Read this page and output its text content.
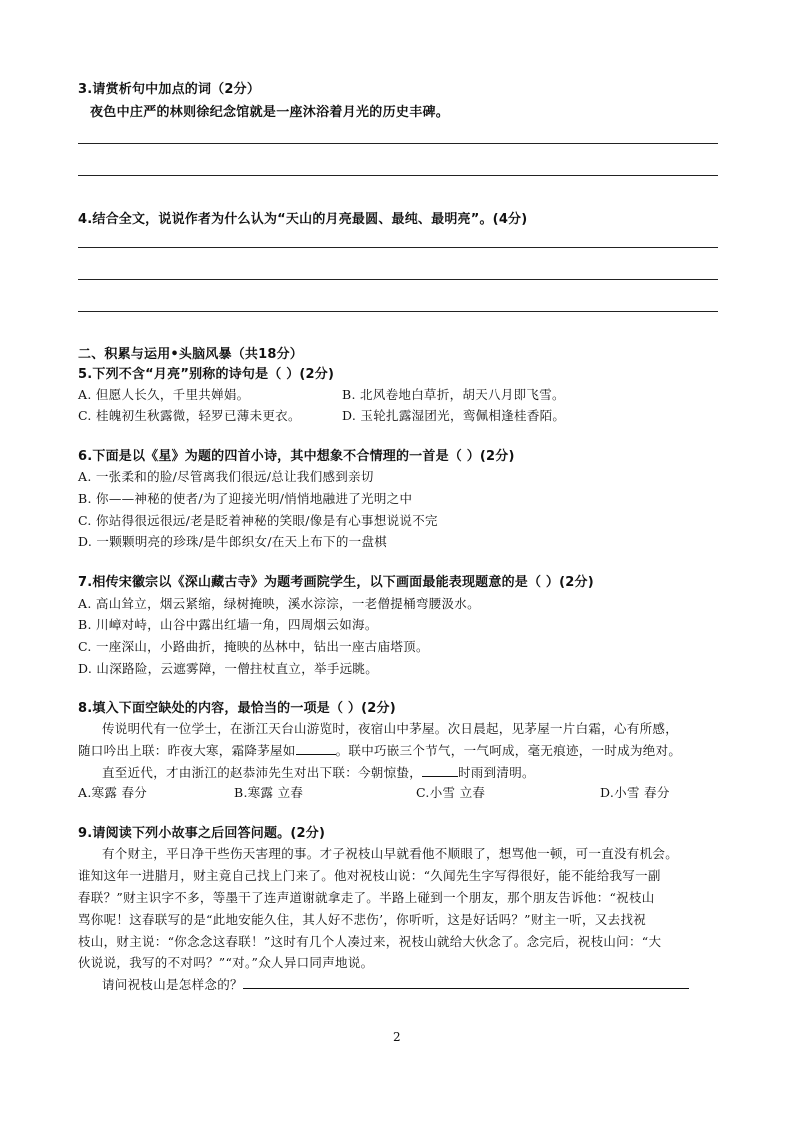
3.请赏析句中加点的词（2分）
夜色中庄严的林则徐纪念馆就是一座沐浴着月光的历史丰碑。
4.结合全文，说说作者为什么认为“天山的月亮最圆、最纯、最明亮”。(4分)
二、积累与运用•头脑风暴（共18分）
5.下列不含“月亮”别称的诗句是（ ）(2分)
A. 但愿人长久，千里共婵娟。	B. 北风卷地白草折，胡天八月即飞雪。
C. 桂魄初生秋露微，轻罗已薄未更衣。	D. 玉轮扎露湿团光，鸾佩相逢桂香陌。
6.下面是以《星》为题的四首小诗，其中想象不合情理的一首是（ ）(2分)
A. 一张柔和的脸/尽管离我们很远/总让我们感到亲切
B. 你——神秘的使者/为了迎接光明/悄悄地融进了光明之中
C. 你站得很远很远/老是眨着神秘的笑眼/像是有心事想说说不完
D. 一颗颗明亮的珍珠/是牛郎织女/在天上布下的一盘棋
7.相传宋徽宗以《深山藏古寺》为题考画院学生，以下画面最能表现题意的是（ ）(2分)
A. 高山耸立，烟云紧缩，绿树掩映，溪水淙淙，一老僧提桶弯腰汲水。
B. 川嶂对峙，山谷中露出红墙一角，四周烟云如海。
C. 一座深山，小路曲折，掩映的丛林中，钻出一座古庙塔顶。
D. 山深路险，云遮雾障，一僧拄杖直立，举手远眺。
8.填入下面空缺处的内容，最恰当的一项是（ ）(2分)
传说明代有一位学士，在浙江天台山游览时，夜宿山中茅屋。次日晨起，见茅屋一片白霜，心有所感，
随口吟出上联：昨夜大寒，霜降茅屋如	。联中巧嵌三个节气，一气呵成，毫无痕迹，一时成为绝对。
直至近代，才由浙江的赵恭沛先生对出下联：今朝惊蛰，	时雨到清明。
A.寒露 春分	B.寒露 立春	C.小雪 立春	D.小雪 春分
9.请阅读下列小故事之后回答问题。(2分)
有个财主，平日净干些伤天害理的事。才子祝枝山早就看他不顺眼了，想骂他一顿，可一直没有机会。
谁知这年一进腊月，财主竟自己找上门来了。他对祝枝山说：“久闻先生字写得很好，能不能给我写一副
春联？”财主识字不多，等墨干了连声道谢就拿走了。半路上碰到一个朋友，那个朋友告诉他：“祝枝山
骂你呢！这春联写的是“此地安能久住，其人好不悲伤’，你听听，这是好话吗？”财主一听，又去找祝
枝山，财主说：“你念念这春联！”这时有几个人凑过来，祝枝山就给大伙念了。念完后，祝枝山问：“大
伙说说，我写的不对吗？”“对。”众人异口同声地说。
请问祝枝山是怎样念的？
2
